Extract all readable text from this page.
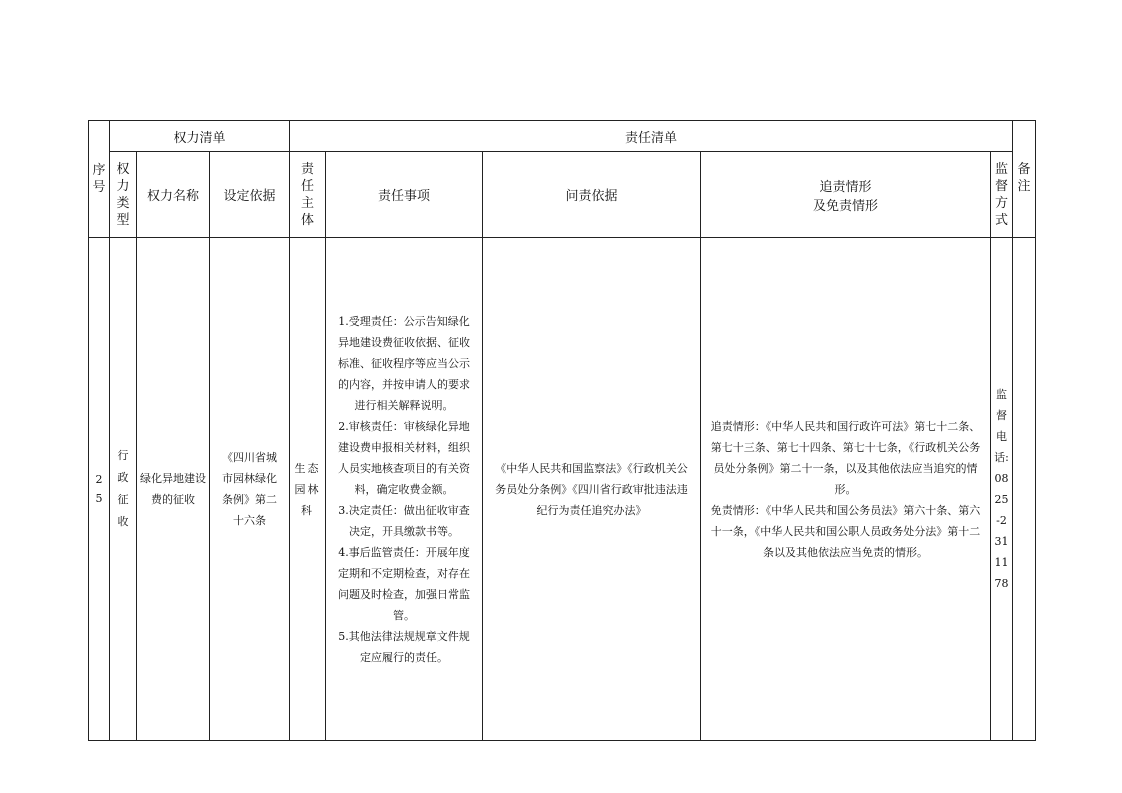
序号	权力清单			责任清单					备注

	权力类型	权力名称	设定依据	责任主体	责任事项	问责依据	追责情形
及免责情形	监督方式	

25	行政征收	绿化异地建设费的征收	《四川省城市园林绿化条例》第二十六条	生态园林科	1.受理责任：公示告知绿化异地建设费征收依据、征收标准、征收程序等应当公示的内容，并按申请人的要求进行相关解释说明。
2.审核责任：审核绿化异地建设费申报相关材料，组织人员实地核查项目的有关资料，确定收费金额。
3.决定责任：做出征收审查决定，开具缴款书等。
4.事后监管责任：开展年度定期和不定期检查，对存在问题及时检查，加强日常监管。
5.其他法律法规规章文件规定应履行的责任。	《中华人民共和国监察法》《行政机关公务员处分条例》《四川省行政审批违法违纪行为责任追究办法》	追责情形：《中华人民共和国行政许可法》第七十二条、第七十三条、第七十四条、第七十七条，《行政机关公务员处分条例》第二十一条，以及其他依法应当追究的情形。
免责情形：《中华人民共和国公务员法》第六十条、第六十一条，《中华人民共和国公职人员政务处分法》第十二条以及其他依法应当免责的情形。	监督电话:0825-2311178	
